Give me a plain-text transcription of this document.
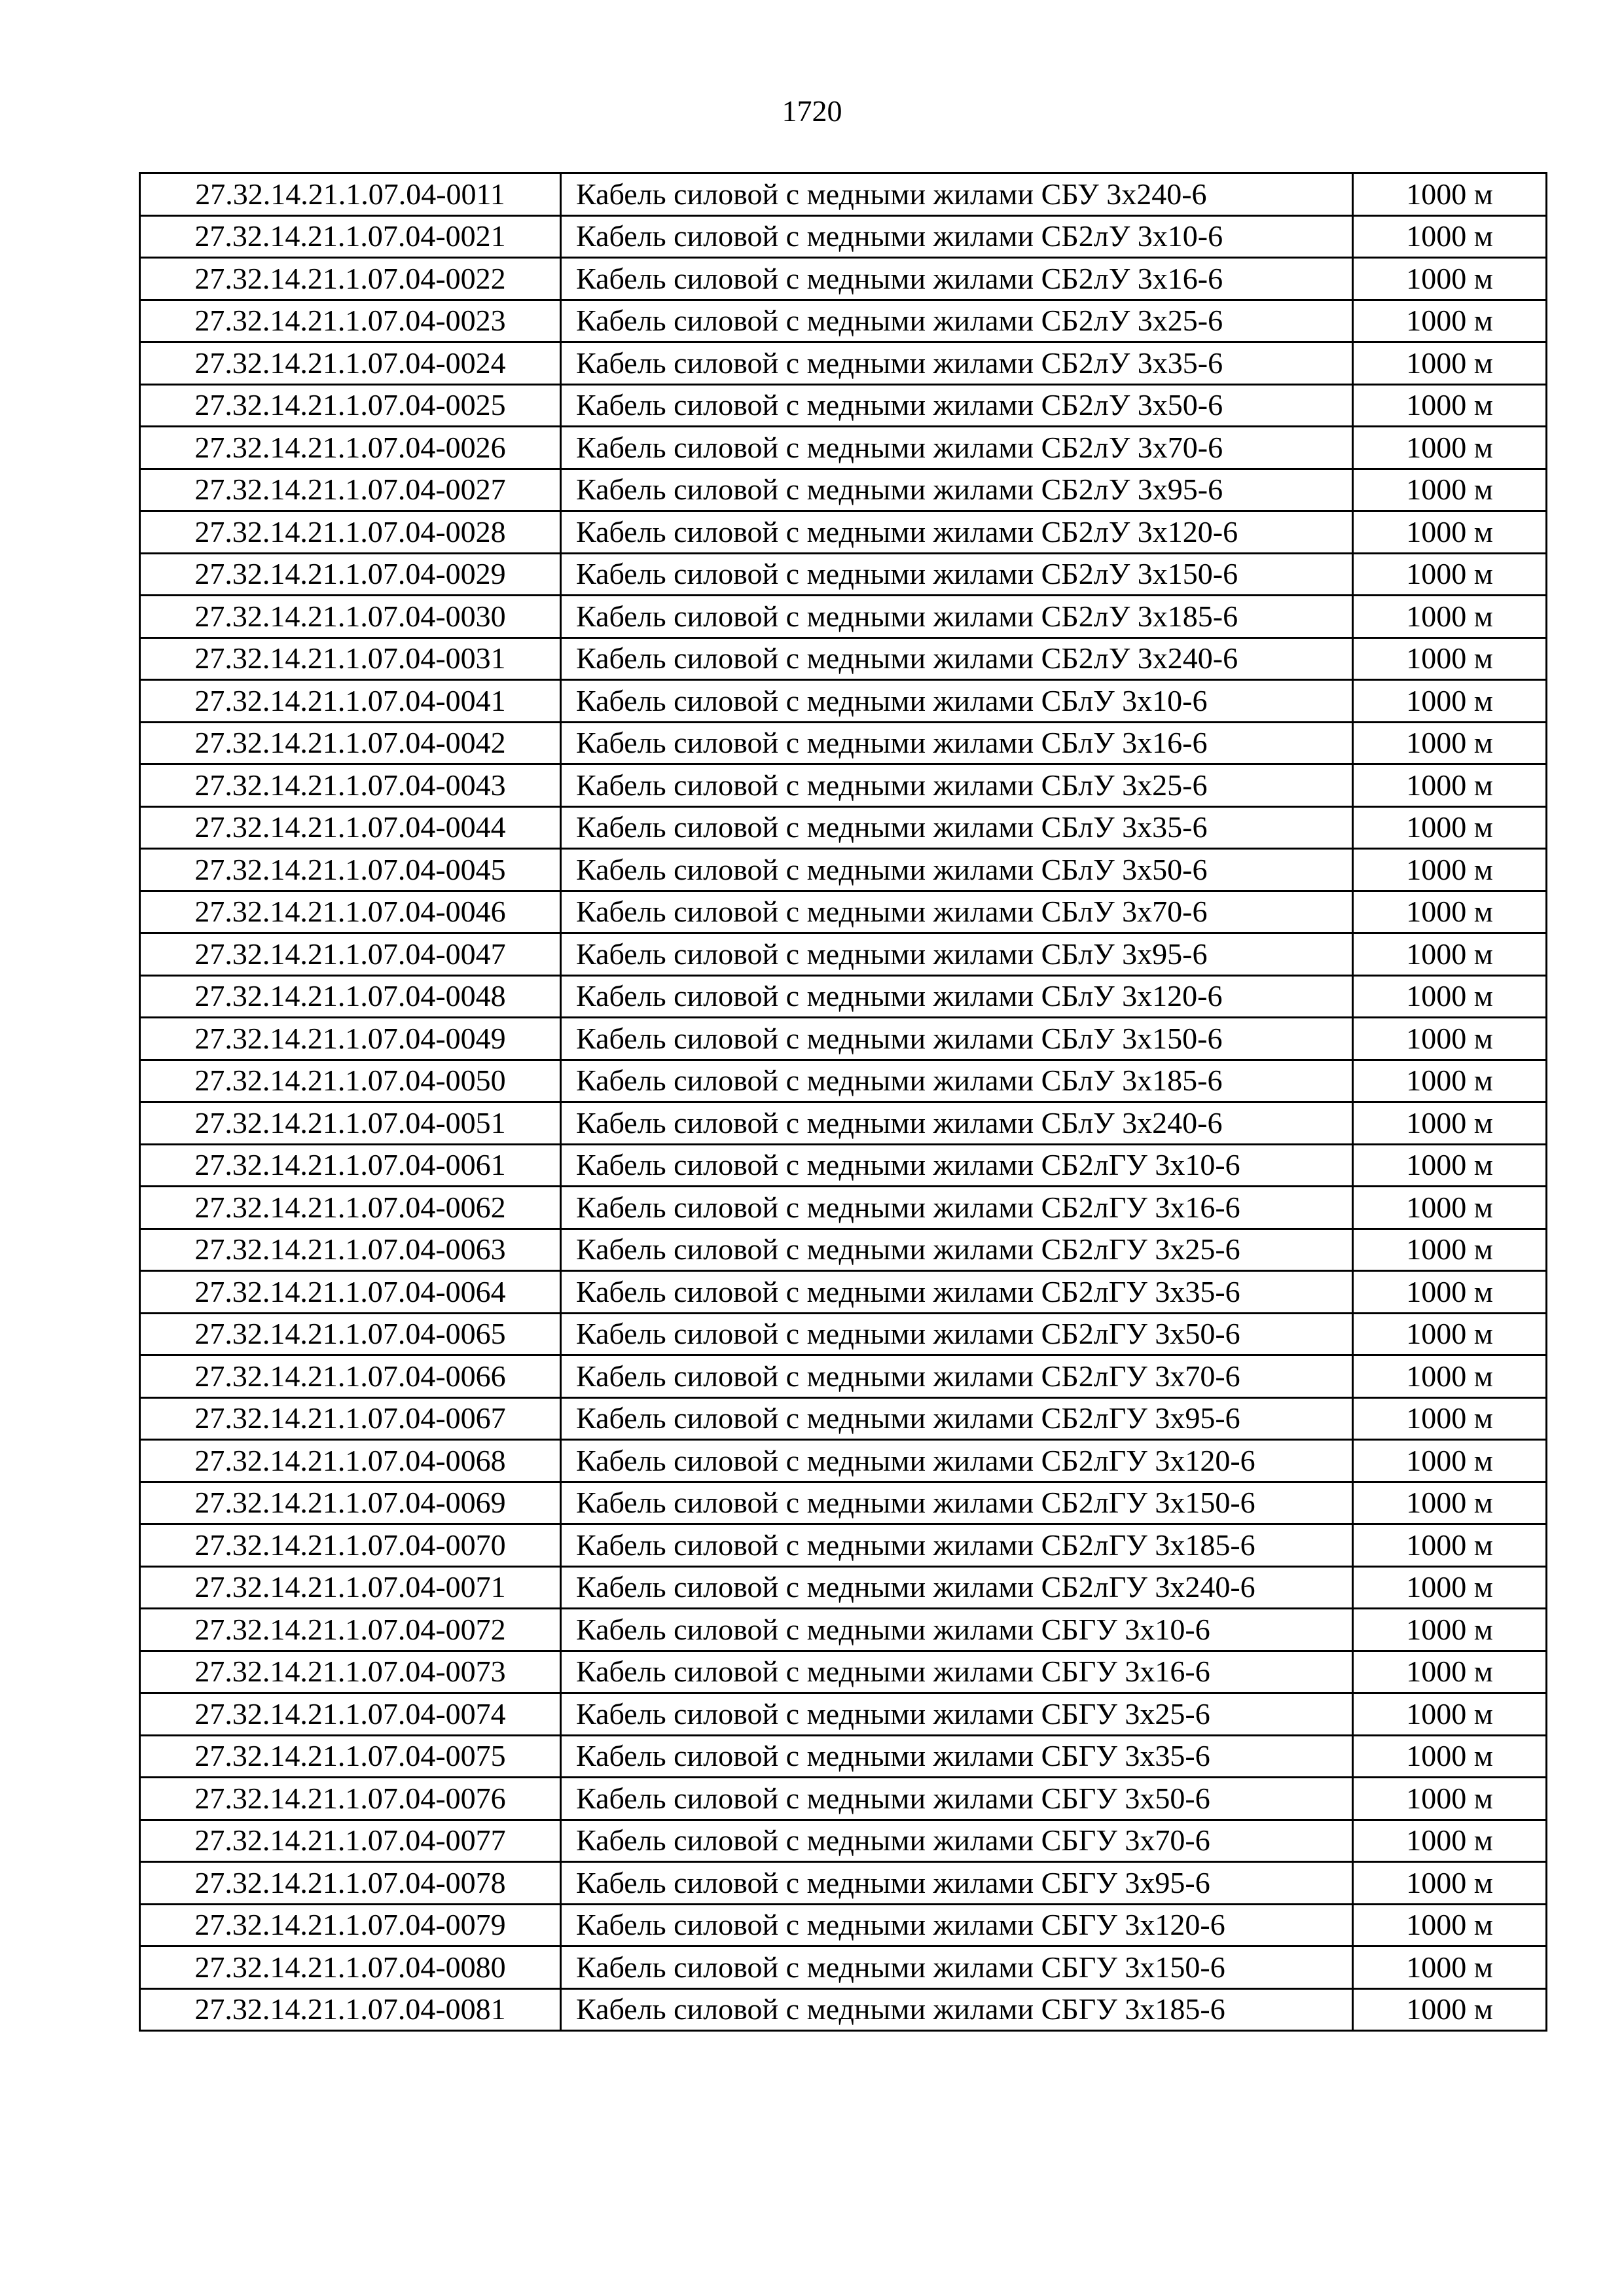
1720
27.32.14.21.1.07.04-0011	Кабель силовой с медными жилами СБУ 3х240-6	1000 м
27.32.14.21.1.07.04-0021	Кабель силовой с медными жилами СБ2лУ 3х10-6	1000 м
27.32.14.21.1.07.04-0022	Кабель силовой с медными жилами СБ2лУ 3х16-6	1000 м
27.32.14.21.1.07.04-0023	Кабель силовой с медными жилами СБ2лУ 3х25-6	1000 м
27.32.14.21.1.07.04-0024	Кабель силовой с медными жилами СБ2лУ 3х35-6	1000 м
27.32.14.21.1.07.04-0025	Кабель силовой с медными жилами СБ2лУ 3х50-6	1000 м
27.32.14.21.1.07.04-0026	Кабель силовой с медными жилами СБ2лУ 3х70-6	1000 м
27.32.14.21.1.07.04-0027	Кабель силовой с медными жилами СБ2лУ 3х95-6	1000 м
27.32.14.21.1.07.04-0028	Кабель силовой с медными жилами СБ2лУ 3х120-6	1000 м
27.32.14.21.1.07.04-0029	Кабель силовой с медными жилами СБ2лУ 3х150-6	1000 м
27.32.14.21.1.07.04-0030	Кабель силовой с медными жилами СБ2лУ 3х185-6	1000 м
27.32.14.21.1.07.04-0031	Кабель силовой с медными жилами СБ2лУ 3х240-6	1000 м
27.32.14.21.1.07.04-0041	Кабель силовой с медными жилами СБлУ 3х10-6	1000 м
27.32.14.21.1.07.04-0042	Кабель силовой с медными жилами СБлУ 3х16-6	1000 м
27.32.14.21.1.07.04-0043	Кабель силовой с медными жилами СБлУ 3х25-6	1000 м
27.32.14.21.1.07.04-0044	Кабель силовой с медными жилами СБлУ 3х35-6	1000 м
27.32.14.21.1.07.04-0045	Кабель силовой с медными жилами СБлУ 3х50-6	1000 м
27.32.14.21.1.07.04-0046	Кабель силовой с медными жилами СБлУ 3х70-6	1000 м
27.32.14.21.1.07.04-0047	Кабель силовой с медными жилами СБлУ 3х95-6	1000 м
27.32.14.21.1.07.04-0048	Кабель силовой с медными жилами СБлУ 3х120-6	1000 м
27.32.14.21.1.07.04-0049	Кабель силовой с медными жилами СБлУ 3х150-6	1000 м
27.32.14.21.1.07.04-0050	Кабель силовой с медными жилами СБлУ 3х185-6	1000 м
27.32.14.21.1.07.04-0051	Кабель силовой с медными жилами СБлУ 3х240-6	1000 м
27.32.14.21.1.07.04-0061	Кабель силовой с медными жилами СБ2лГУ 3х10-6	1000 м
27.32.14.21.1.07.04-0062	Кабель силовой с медными жилами СБ2лГУ 3х16-6	1000 м
27.32.14.21.1.07.04-0063	Кабель силовой с медными жилами СБ2лГУ 3х25-6	1000 м
27.32.14.21.1.07.04-0064	Кабель силовой с медными жилами СБ2лГУ 3х35-6	1000 м
27.32.14.21.1.07.04-0065	Кабель силовой с медными жилами СБ2лГУ 3х50-6	1000 м
27.32.14.21.1.07.04-0066	Кабель силовой с медными жилами СБ2лГУ 3х70-6	1000 м
27.32.14.21.1.07.04-0067	Кабель силовой с медными жилами СБ2лГУ 3х95-6	1000 м
27.32.14.21.1.07.04-0068	Кабель силовой с медными жилами СБ2лГУ 3х120-6	1000 м
27.32.14.21.1.07.04-0069	Кабель силовой с медными жилами СБ2лГУ 3х150-6	1000 м
27.32.14.21.1.07.04-0070	Кабель силовой с медными жилами СБ2лГУ 3х185-6	1000 м
27.32.14.21.1.07.04-0071	Кабель силовой с медными жилами СБ2лГУ 3х240-6	1000 м
27.32.14.21.1.07.04-0072	Кабель силовой с медными жилами СБГУ 3х10-6	1000 м
27.32.14.21.1.07.04-0073	Кабель силовой с медными жилами СБГУ 3х16-6	1000 м
27.32.14.21.1.07.04-0074	Кабель силовой с медными жилами СБГУ 3х25-6	1000 м
27.32.14.21.1.07.04-0075	Кабель силовой с медными жилами СБГУ 3х35-6	1000 м
27.32.14.21.1.07.04-0076	Кабель силовой с медными жилами СБГУ 3х50-6	1000 м
27.32.14.21.1.07.04-0077	Кабель силовой с медными жилами СБГУ 3х70-6	1000 м
27.32.14.21.1.07.04-0078	Кабель силовой с медными жилами СБГУ 3х95-6	1000 м
27.32.14.21.1.07.04-0079	Кабель силовой с медными жилами СБГУ 3х120-6	1000 м
27.32.14.21.1.07.04-0080	Кабель силовой с медными жилами СБГУ 3х150-6	1000 м
27.32.14.21.1.07.04-0081	Кабель силовой с медными жилами СБГУ 3х185-6	1000 м
